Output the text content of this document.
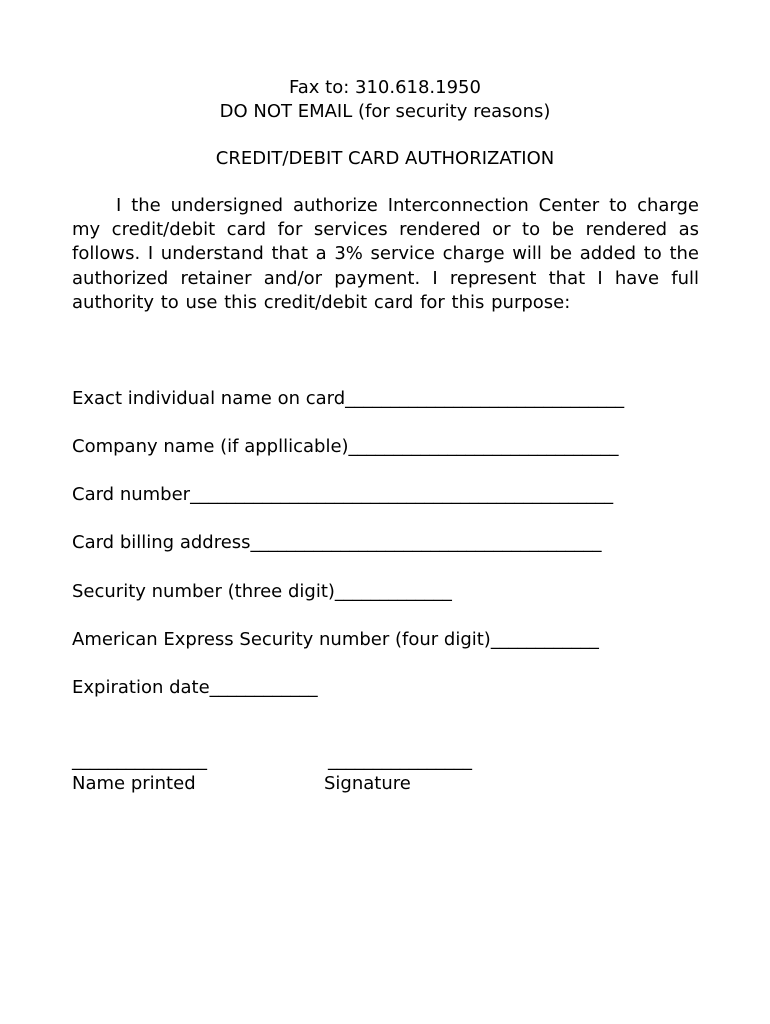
Fax to: 310.618.1950
DO NOT EMAIL (for security reasons)
CREDIT/DEBIT CARD AUTHORIZATION
I the undersigned authorize Interconnection Center to charge my credit/debit card for services rendered or to be rendered as follows. I understand that a 3% service charge will be added to the authorized retainer and/or payment. I represent that I have full authority to use this credit/debit card for this purpose:
Exact individual name on card_______________________________
Company name (if appllicable)______________________________
Card number_______________________________________________
Card billing address_______________________________________
Security number (three digit)_____________
American Express Security number (four digit)____________
Expiration date____________
_______________	________________
Name printed	Signature
